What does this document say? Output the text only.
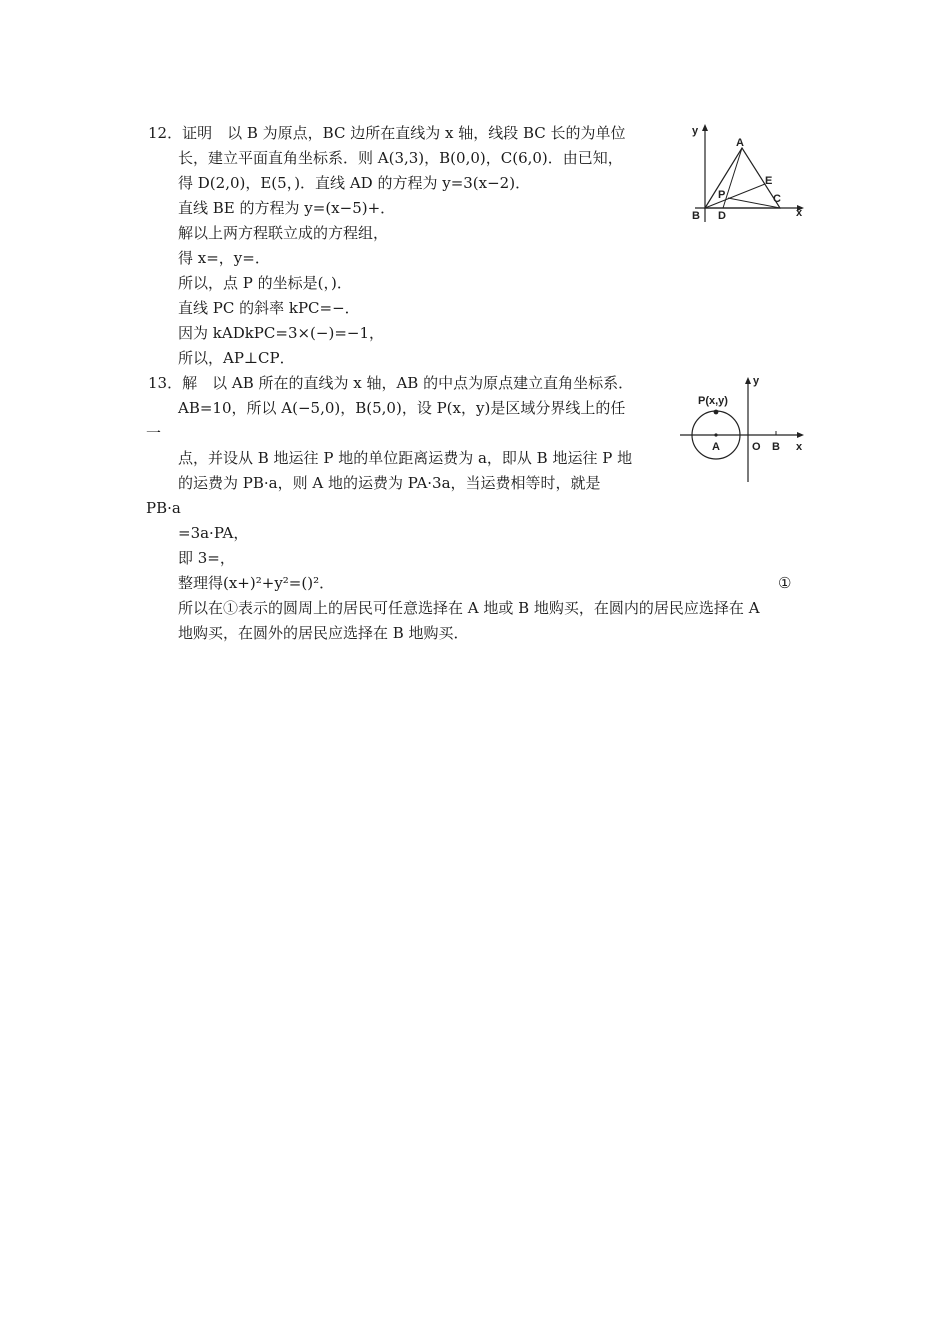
12．证明　以 B 为原点，BC 边所在直线为 x 轴，线段 BC 长的为单位
长，建立平面直角坐标系．则 A(3,3)，B(0,0)，C(6,0)．由已知，
得 D(2,0)，E(5，)．直线 AD 的方程为 y=3(x−2)．
直线 BE 的方程为 y=(x−5)+．
解以上两方程联立成的方程组，
得 x=，y=．
所以，点 P 的坐标是(，)．
直线 PC 的斜率 kPC=−．
因为 kADkPC=3×(−)=−1，
所以，AP⊥CP．
y
A
E
P
B D
C
x
13．解　以 AB 所在的直线为 x 轴，AB 的中点为原点建立直角坐标系．
AB=10，所以 A(−5,0)，B(5,0)，设 P(x，y)是区域分界线上的任
一
点，并设从 B 地运往 P 地的单位距离运费为 a，即从 B 地运往 P 地
的运费为 PB·a，则 A 地的运费为 PA·3a，当运费相等时，就是
PB·a
=3a·PA，
即 3=，
整理得(x+)²+y²=()²．	①
所以在①表示的圆周上的居民可任意选择在 A 地或 B 地购买，在圆内的居民应选择在 A
地购买，在圆外的居民应选择在 B 地购买．
y
P(x,y)
A	O B x
